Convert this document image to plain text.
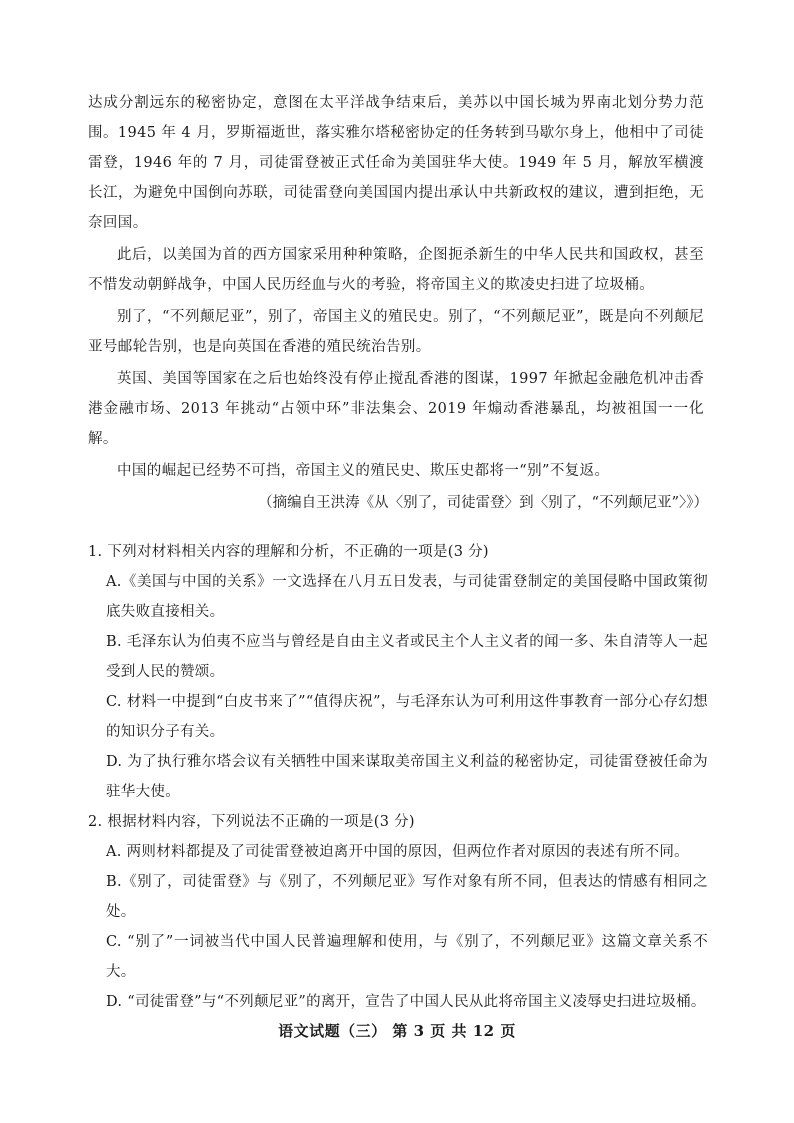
达成分割远东的秘密协定，意图在太平洋战争结束后，美苏以中国长城为界南北划分势力范围。1945 年 4 月，罗斯福逝世，落实雅尔塔秘密协定的任务转到马歇尔身上，他相中了司徒雷登，1946 年的 7 月，司徒雷登被正式任命为美国驻华大使。1949 年 5 月，解放军横渡长江，为避免中国倒向苏联，司徒雷登向美国国内提出承认中共新政权的建议，遭到拒绝，无奈回国。

此后，以美国为首的西方国家采用种种策略，企图扼杀新生的中华人民共和国政权，甚至不惜发动朝鲜战争，中国人民历经血与火的考验，将帝国主义的欺凌史扫进了垃圾桶。

别了，“不列颠尼亚”，别了，帝国主义的殖民史。别了，“不列颠尼亚”，既是向不列颠尼亚号邮轮告别，也是向英国在香港的殖民统治告别。

英国、美国等国家在之后也始终没有停止搅乱香港的图谋，1997 年掀起金融危机冲击香港金融市场、2013 年挑动“占领中环”非法集会、2019 年煽动香港暴乱，均被祖国一一化解。

中国的崛起已经势不可挡，帝国主义的殖民史、欺压史都将一“别”不复返。

（摘编自王洪涛《从〈别了，司徒雷登〉到〈别了，“不列颠尼亚”〉》）

1. 下列对材料相关内容的理解和分析，不正确的一项是(3 分)

A.《美国与中国的关系》一文选择在八月五日发表，与司徒雷登制定的美国侵略中国政策彻底失败直接相关。

B. 毛泽东认为伯夷不应当与曾经是自由主义者或民主个人主义者的闻一多、朱自清等人一起受到人民的赞颂。

C. 材料一中提到“白皮书来了”“值得庆祝”，与毛泽东认为可利用这件事教育一部分心存幻想的知识分子有关。

D. 为了执行雅尔塔会议有关牺牲中国来谋取美帝国主义利益的秘密协定，司徒雷登被任命为驻华大使。

2. 根据材料内容，下列说法不正确的一项是(3 分)

A. 两则材料都提及了司徒雷登被迫离开中国的原因，但两位作者对原因的表述有所不同。

B.《别了，司徒雷登》与《别了，不列颠尼亚》写作对象有所不同，但表达的情感有相同之处。

C. “别了”一词被当代中国人民普遍理解和使用，与《别了，不列颠尼亚》这篇文章关系不大。

D. “司徒雷登”与“不列颠尼亚”的离开，宣告了中国人民从此将帝国主义凌辱史扫进垃圾桶。

语文试题（三） 第 3 页 共 12 页
